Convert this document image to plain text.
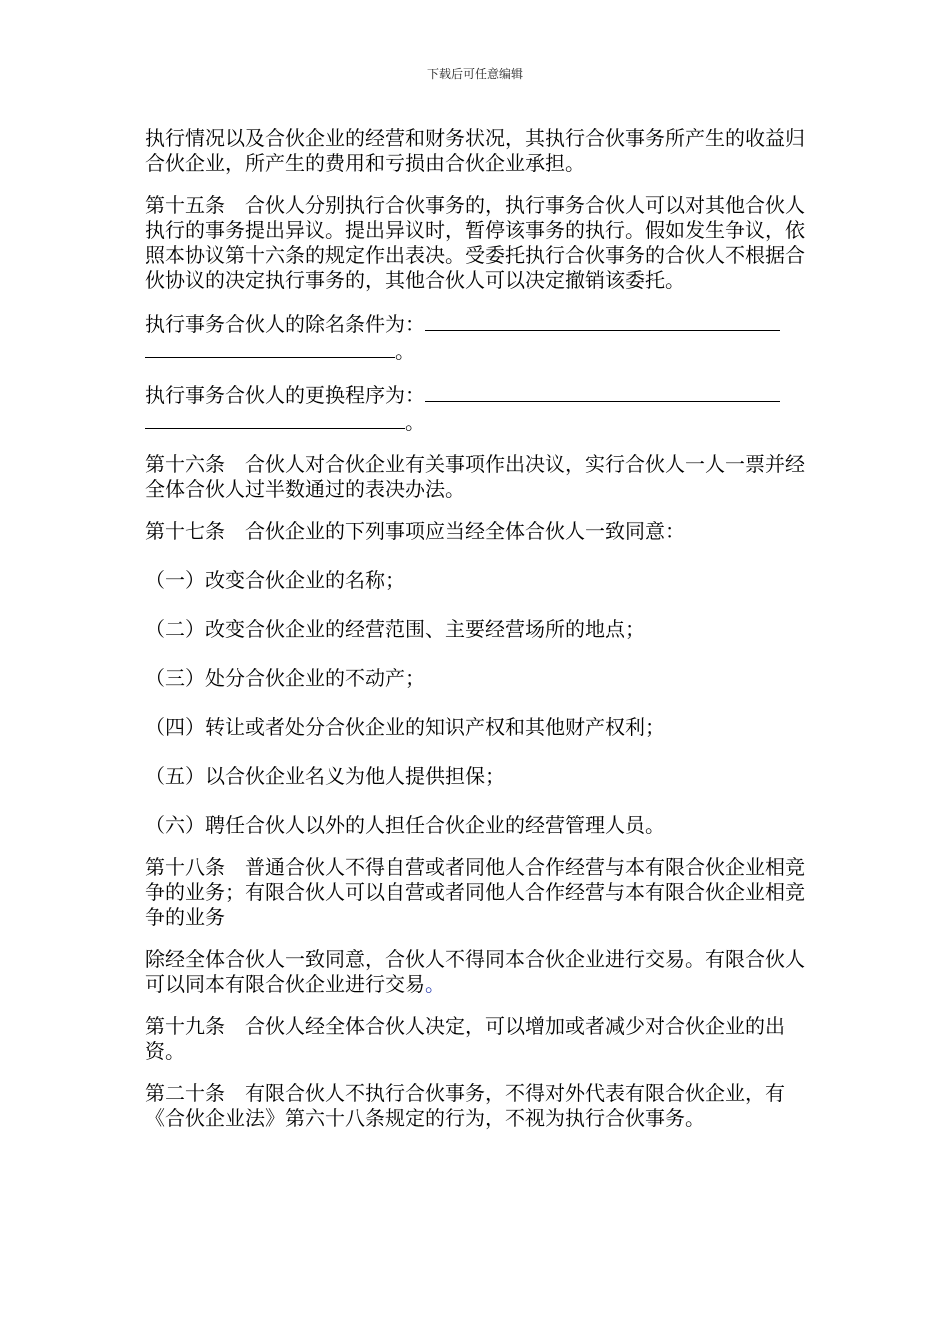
下载后可任意编辑

执行情况以及合伙企业的经营和财务状况，其执行合伙事务所产生的收益归合伙企业，所产生的费用和亏损由合伙企业承担。

第十五条　合伙人分别执行合伙事务的，执行事务合伙人可以对其他合伙人执行的事务提出异议。提出异议时，暂停该事务的执行。假如发生争议，依照本协议第十六条的规定作出表决。受委托执行合伙事务的合伙人不根据合伙协议的决定执行事务的，其他合伙人可以决定撤销该委托。

执行事务合伙人的除名条件为：
。

执行事务合伙人的更换程序为：
。

第十六条　合伙人对合伙企业有关事项作出决议，实行合伙人一人一票并经全体合伙人过半数通过的表决办法。

第十七条　合伙企业的下列事项应当经全体合伙人一致同意：

（一）改变合伙企业的名称；

（二）改变合伙企业的经营范围、主要经营场所的地点；

（三）处分合伙企业的不动产；

（四）转让或者处分合伙企业的知识产权和其他财产权利；

（五）以合伙企业名义为他人提供担保；

（六）聘任合伙人以外的人担任合伙企业的经营管理人员。

第十八条　普通合伙人不得自营或者同他人合作经营与本有限合伙企业相竞争的业务；有限合伙人可以自营或者同他人合作经营与本有限合伙企业相竞争的业务

除经全体合伙人一致同意，合伙人不得同本合伙企业进行交易。有限合伙人可以同本有限合伙企业进行交易。

第十九条　合伙人经全体合伙人决定，可以增加或者减少对合伙企业的出资。

第二十条　有限合伙人不执行合伙事务，不得对外代表有限合伙企业，有《合伙企业法》第六十八条规定的行为，不视为执行合伙事务。
